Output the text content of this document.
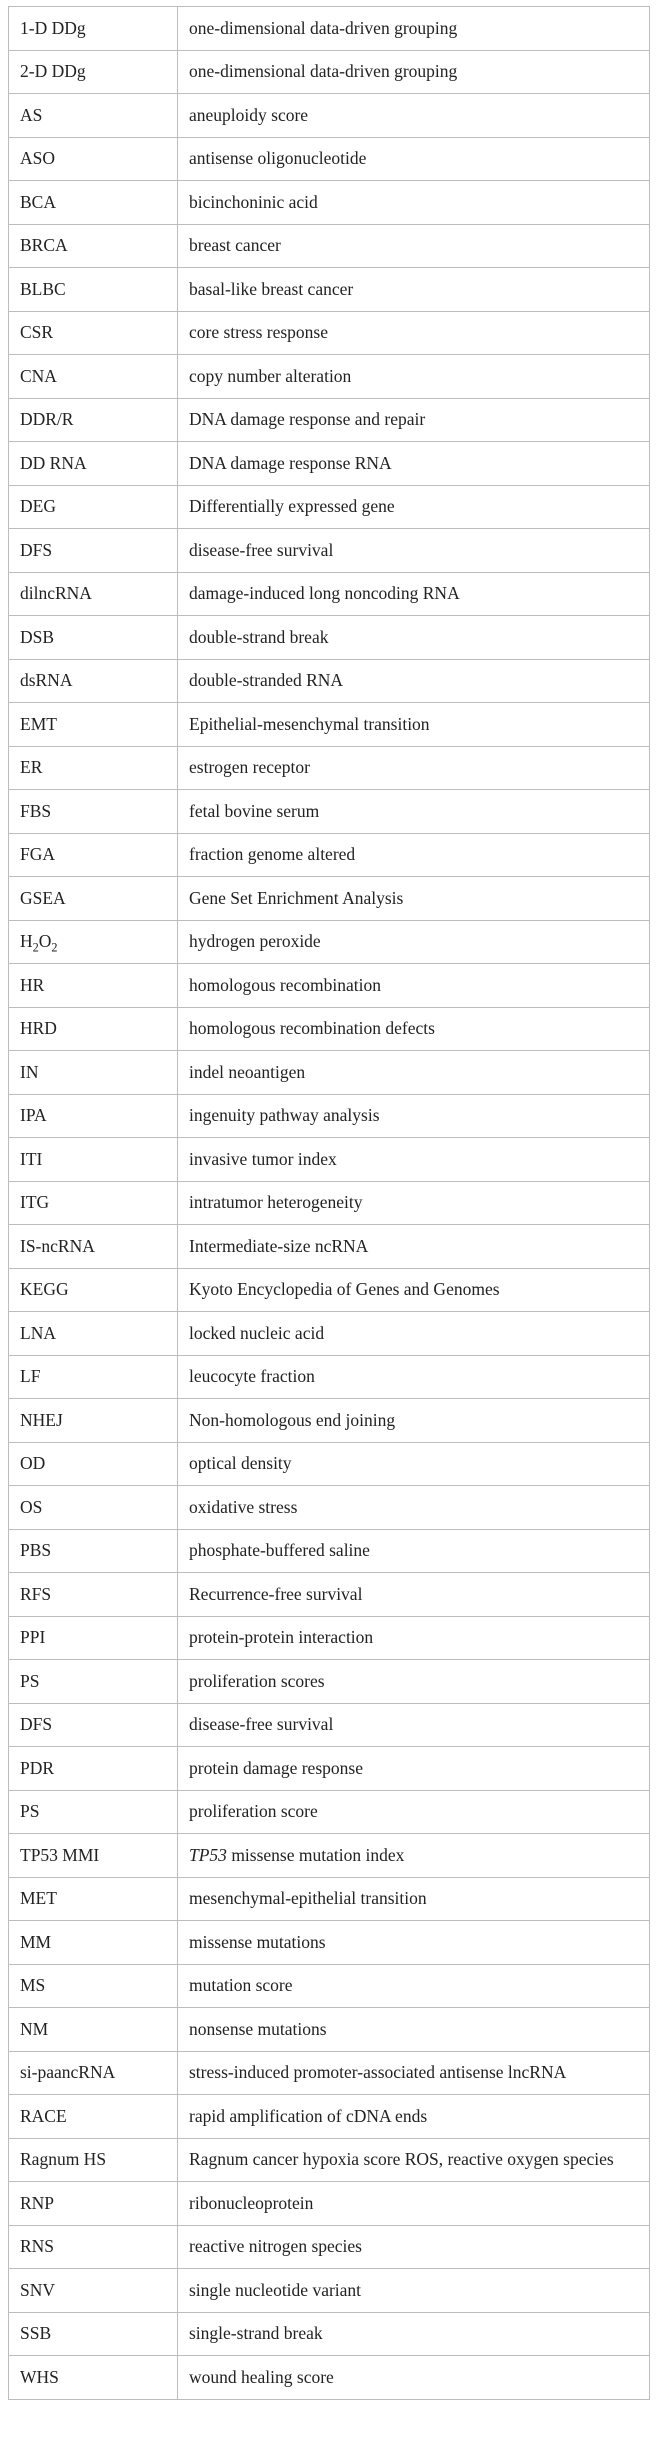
1-D DDg	one-dimensional data-driven grouping
2-D DDg	one-dimensional data-driven grouping
AS	aneuploidy score
ASO	antisense oligonucleotide
BCA	bicinchoninic acid
BRCA	breast cancer
BLBC	basal-like breast cancer
CSR	core stress response
CNA	copy number alteration
DDR/R	DNA damage response and repair
DD RNA	DNA damage response RNA
DEG	Differentially expressed gene
DFS	disease-free survival
dilncRNA	damage-induced long noncoding RNA
DSB	double-strand break
dsRNA	double-stranded RNA
EMT	Epithelial-mesenchymal transition
ER	estrogen receptor
FBS	fetal bovine serum
FGA	fraction genome altered
GSEA	Gene Set Enrichment Analysis
$H_2O_2$	hydrogen peroxide
HR	homologous recombination
HRD	homologous recombination defects
IN	indel neoantigen
IPA	ingenuity pathway analysis
ITI	invasive tumor index
ITG	intratumor heterogeneity
IS-ncRNA	Intermediate-size ncRNA
KEGG	Kyoto Encyclopedia of Genes and Genomes
LNA	locked nucleic acid
LF	leucocyte fraction
NHEJ	Non-homologous end joining
OD	optical density
OS	oxidative stress
PBS	phosphate-buffered saline
RFS	Recurrence-free survival
PPI	protein-protein interaction
PS	proliferation scores
DFS	disease-free survival
PDR	protein damage response
PS	proliferation score
TP53 MMI	TP53 missense mutation index
MET	mesenchymal-epithelial transition
MM	missense mutations
MS	mutation score
NM	nonsense mutations
si-paancRNA	stress-induced promoter-associated antisense lncRNA
RACE	rapid amplification of cDNA ends
Ragnum HS	Ragnum cancer hypoxia score ROS, reactive oxygen species
RNP	ribonucleoprotein
RNS	reactive nitrogen species
SNV	single nucleotide variant
SSB	single-strand break
WHS	wound healing score
